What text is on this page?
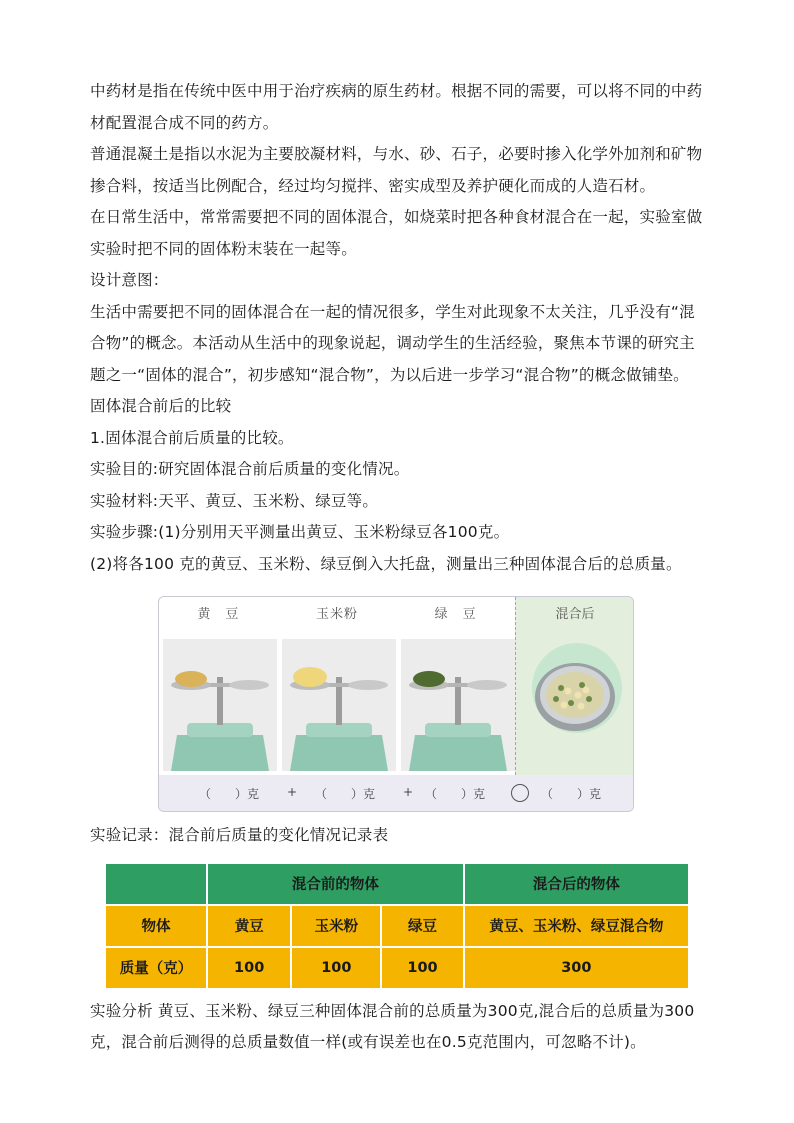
中药材是指在传统中医中用于治疗疾病的原生药材。根据不同的需要，可以将不同的中药材配置混合成不同的药方。

普通混凝土是指以水泥为主要胶凝材料，与水、砂、石子，必要时掺入化学外加剂和矿物掺合料，按适当比例配合，经过均匀搅拌、密实成型及养护硬化而成的人造石材。

在日常生活中，常常需要把不同的固体混合，如烧菜时把各种食材混合在一起，实验室做实验时把不同的固体粉末装在一起等。

设计意图：

生活中需要把不同的固体混合在一起的情况很多，学生对此现象不太关注，几乎没有“混合物”的概念。本活动从生活中的现象说起，调动学生的生活经验，聚焦本节课的研究主题之一“固体的混合”，初步感知“混合物”，为以后进一步学习“混合物”的概念做铺垫。

固体混合前后的比较

1.固体混合前后质量的比较。

实验目的:研究固体混合前后质量的变化情况。

实验材料:天平、黄豆、玉米粉、绿豆等。

实验步骤:(1)分别用天平测量出黄豆、玉米粉绿豆各100克。

(2)将各100 克的黄豆、玉米粉、绿豆倒入大托盘，测量出三种固体混合后的总质量。

黄　豆	玉米粉	绿　豆	混合后
（　　）克 + （　　）克 + （　　）克	（　　）克

实验记录：混合前后质量的变化情况记录表

	混合前的物体			混合后的物体
物体	黄豆	玉米粉	绿豆	黄豆、玉米粉、绿豆混合物
质量（克）	100	100	100	300

实验分析 黄豆、玉米粉、绿豆三种固体混合前的总质量为300克,混合后的总质量为300克，混合前后测得的总质量数值一样(或有误差也在0.5克范围内，可忽略不计)。
